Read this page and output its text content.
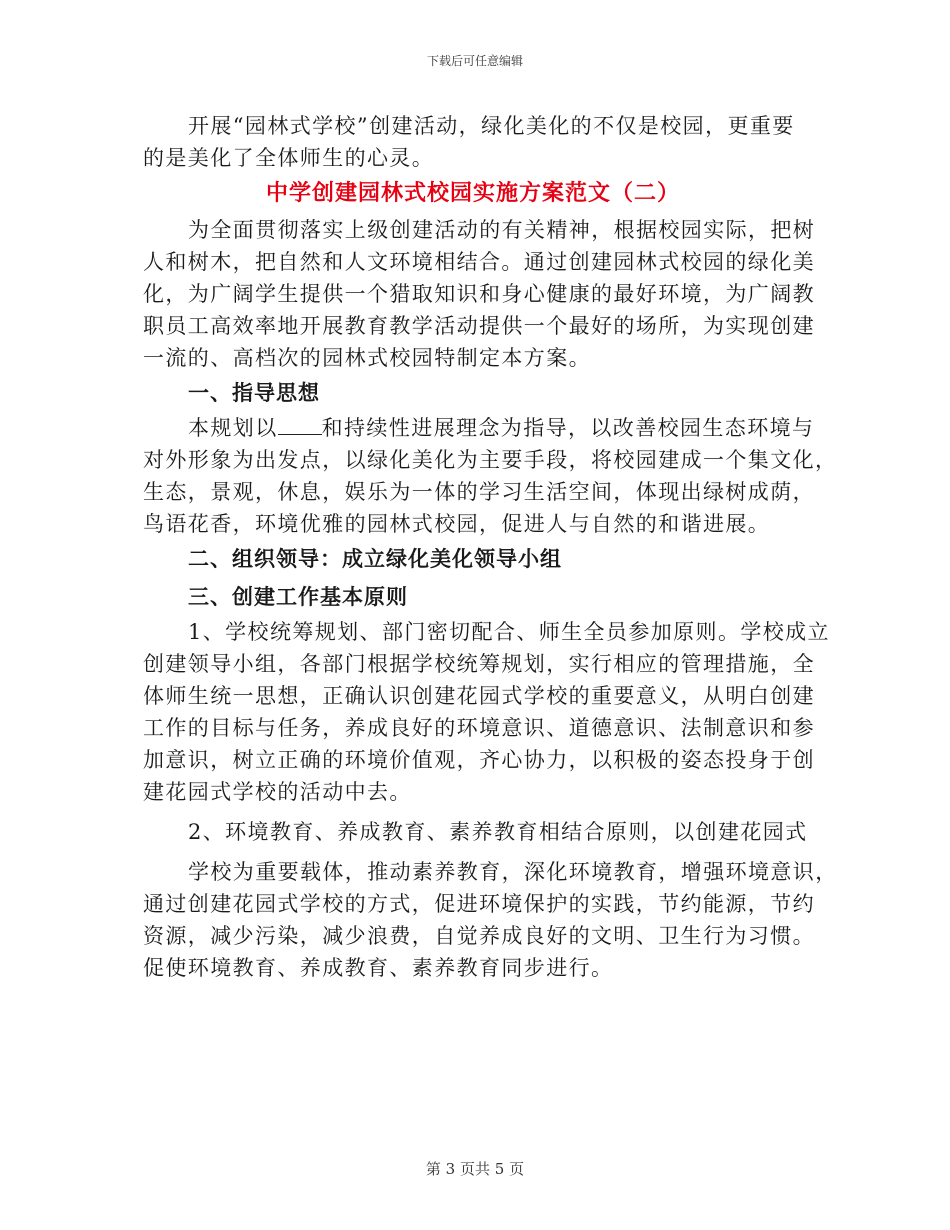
下载后可任意编辑
开展“园林式学校”创建活动，绿化美化的不仅是校园，更重要
的是美化了全体师生的心灵。
中学创建园林式校园实施方案范文（二）
为全面贯彻落实上级创建活动的有关精神，根据校园实际，把树
人和树木，把自然和人文环境相结合。通过创建园林式校园的绿化美
化，为广阔学生提供一个猎取知识和身心健康的最好环境，为广阔教
职员工高效率地开展教育教学活动提供一个最好的场所，为实现创建
一流的、高档次的园林式校园特制定本方案。
一、指导思想
本规划以 和持续性进展理念为指导，以改善校园生态环境与
对外形象为出发点，以绿化美化为主要手段，将校园建成一个集文化，
生态，景观，休息，娱乐为一体的学习生活空间，体现出绿树成荫，
鸟语花香，环境优雅的园林式校园，促进人与自然的和谐进展。
二、组织领导：成立绿化美化领导小组
三、创建工作基本原则
1、学校统筹规划、部门密切配合、师生全员参加原则。学校成立
创建领导小组，各部门根据学校统筹规划，实行相应的管理措施，全
体师生统一思想，正确认识创建花园式学校的重要意义，从明白创建
工作的目标与任务，养成良好的环境意识、道德意识、法制意识和参
加意识，树立正确的环境价值观，齐心协力，以积极的姿态投身于创
建花园式学校的活动中去。
2、环境教育、养成教育、素养教育相结合原则，以创建花园式
学校为重要载体，推动素养教育，深化环境教育，增强环境意识，
通过创建花园式学校的方式，促进环境保护的实践，节约能源，节约
资源，减少污染，减少浪费，自觉养成良好的文明、卫生行为习惯。
促使环境教育、养成教育、素养教育同步进行。
第 3 页共 5 页
